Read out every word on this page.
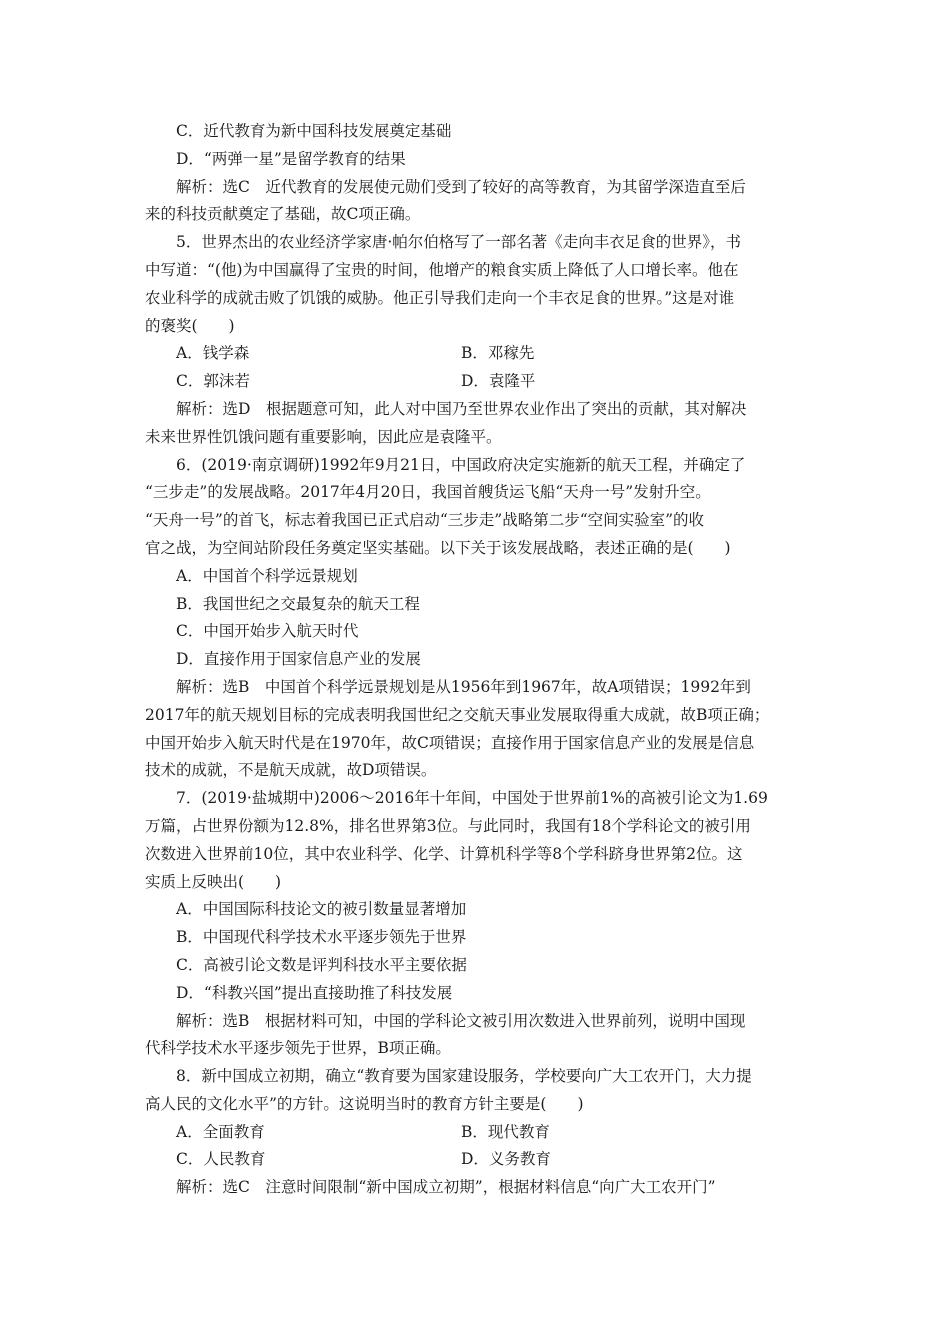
C．近代教育为新中国科技发展奠定基础
D．“两弹一星”是留学教育的结果
解析：选C　近代教育的发展使元勋们受到了较好的高等教育，为其留学深造直至后
来的科技贡献奠定了基础，故C项正确。
5．世界杰出的农业经济学家唐·帕尔伯格写了一部名著《走向丰衣足食的世界》，书
中写道：“(他)为中国赢得了宝贵的时间，他增产的粮食实质上降低了人口增长率。他在
农业科学的成就击败了饥饿的威胁。他正引导我们走向一个丰衣足食的世界。”这是对谁
的褒奖(　　)
A．钱学森	B．邓稼先
C．郭沫若	D．袁隆平
解析：选D　根据题意可知，此人对中国乃至世界农业作出了突出的贡献，其对解决
未来世界性饥饿问题有重要影响，因此应是袁隆平。
6．(2019·南京调研)1992年9月21日，中国政府决定实施新的航天工程，并确定了
“三步走”的发展战略。2017年4月20日，我国首艘货运飞船“天舟一号”发射升空。
“天舟一号”的首飞，标志着我国已正式启动“三步走”战略第二步“空间实验室”的收
官之战，为空间站阶段任务奠定坚实基础。以下关于该发展战略，表述正确的是(　　)
A．中国首个科学远景规划
B．我国世纪之交最复杂的航天工程
C．中国开始步入航天时代
D．直接作用于国家信息产业的发展
解析：选B　中国首个科学远景规划是从1956年到1967年，故A项错误；1992年到
2017年的航天规划目标的完成表明我国世纪之交航天事业发展取得重大成就，故B项正确；
中国开始步入航天时代是在1970年，故C项错误；直接作用于国家信息产业的发展是信息
技术的成就，不是航天成就，故D项错误。
7．(2019·盐城期中)2006～2016年十年间，中国处于世界前1%的高被引论文为1.69
万篇，占世界份额为12.8%，排名世界第3位。与此同时，我国有18个学科论文的被引用
次数进入世界前10位，其中农业科学、化学、计算机科学等8个学科跻身世界第2位。这
实质上反映出(　　)
A．中国国际科技论文的被引数量显著增加
B．中国现代科学技术水平逐步领先于世界
C．高被引论文数是评判科技水平主要依据
D．“科教兴国”提出直接助推了科技发展
解析：选B　根据材料可知，中国的学科论文被引用次数进入世界前列，说明中国现
代科学技术水平逐步领先于世界，B项正确。
8．新中国成立初期，确立“教育要为国家建设服务，学校要向广大工农开门，大力提
高人民的文化水平”的方针。这说明当时的教育方针主要是(　　)
A．全面教育	B．现代教育
C．人民教育	D．义务教育
解析：选C　注意时间限制“新中国成立初期”，根据材料信息“向广大工农开门”
